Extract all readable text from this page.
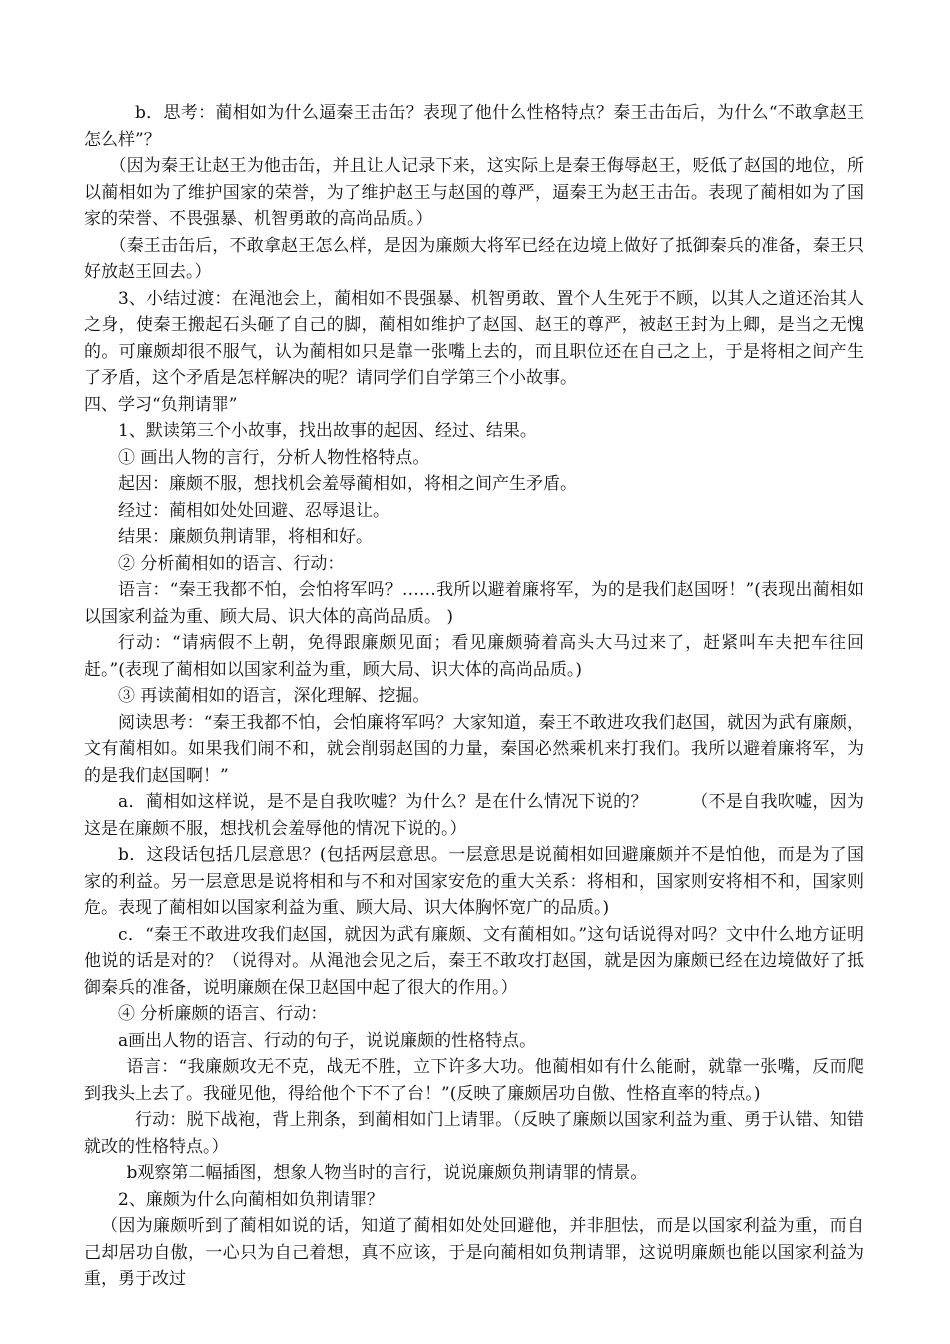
b．思考：蔺相如为什么逼秦王击缶？表现了他什么性格特点？秦王击缶后，为什么“不敢拿赵王怎么样”？

（因为秦王让赵王为他击缶，并且让人记录下来，这实际上是秦王侮辱赵王，贬低了赵国的地位，所以蔺相如为了维护国家的荣誉，为了维护赵王与赵国的尊严，逼秦王为赵王击缶。表现了蔺相如为了国家的荣誉、不畏强暴、机智勇敢的高尚品质。）

（秦王击缶后，不敢拿赵王怎么样，是因为廉颇大将军已经在边境上做好了抵御秦兵的准备，秦王只好放赵王回去。）

3、小结过渡：在渑池会上，蔺相如不畏强暴、机智勇敢、置个人生死于不顾，以其人之道还治其人之身，使秦王搬起石头砸了自己的脚，蔺相如维护了赵国、赵王的尊严，被赵王封为上卿，是当之无愧的。可廉颇却很不服气，认为蔺相如只是靠一张嘴上去的，而且职位还在自己之上，于是将相之间产生了矛盾，这个矛盾是怎样解决的呢？请同学们自学第三个小故事。

四、学习“负荆请罪”

1、默读第三个小故事，找出故事的起因、经过、结果。

① 画出人物的言行，分析人物性格特点。

起因：廉颇不服，想找机会羞辱蔺相如，将相之间产生矛盾。

经过：蔺相如处处回避、忍辱退让。

结果：廉颇负荆请罪，将相和好。

② 分析蔺相如的语言、行动：

语言：“秦王我都不怕，会怕将军吗？……我所以避着廉将军，为的是我们赵国呀！”(表现出蔺相如以国家利益为重、顾大局、识大体的高尚品质。 )

行动：“请病假不上朝，免得跟廉颇见面；看见廉颇骑着高头大马过来了，赶紧叫车夫把车往回赶。”(表现了蔺相如以国家利益为重，顾大局、识大体的高尚品质。)

③ 再读蔺相如的语言，深化理解、挖掘。

阅读思考：“秦王我都不怕，会怕廉将军吗？大家知道，秦王不敢进攻我们赵国，就因为武有廉颇，文有蔺相如。如果我们闹不和，就会削弱赵国的力量，秦国必然乘机来打我们。我所以避着廉将军，为的是我们赵国啊！”

a．蔺相如这样说，是不是自我吹嘘？为什么？是在什么情况下说的？　　　（不是自我吹嘘，因为这是在廉颇不服，想找机会羞辱他的情况下说的。）

b．这段话包括几层意思？(包括两层意思。一层意思是说蔺相如回避廉颇并不是怕他，而是为了国家的利益。另一层意思是说将相和与不和对国家安危的重大关系：将相和，国家则安将相不和，国家则危。表现了蔺相如以国家利益为重、顾大局、识大体胸怀宽广的品质。)

c．“秦王不敢进攻我们赵国，就因为武有廉颇、文有蔺相如。”这句话说得对吗？文中什么地方证明他说的话是对的？（说得对。从渑池会见之后，秦王不敢攻打赵国，就是因为廉颇已经在边境做好了抵御秦兵的准备，说明廉颇在保卫赵国中起了很大的作用。）

④ 分析廉颇的语言、行动：

a画出人物的语言、行动的句子，说说廉颇的性格特点。

语言：“我廉颇攻无不克，战无不胜，立下许多大功。他蔺相如有什么能耐，就靠一张嘴，反而爬到我头上去了。我碰见他，得给他个下不了台！”(反映了廉颇居功自傲、性格直率的特点。)

行动：脱下战袍，背上荆条，到蔺相如门上请罪。（反映了廉颇以国家利益为重、勇于认错、知错就改的性格特点。）

b观察第二幅插图，想象人物当时的言行，说说廉颇负荆请罪的情景。

2、廉颇为什么向蔺相如负荆请罪？

（因为廉颇听到了蔺相如说的话，知道了蔺相如处处回避他，并非胆怯，而是以国家利益为重，而自己却居功自傲，一心只为自己着想，真不应该，于是向蔺相如负荆请罪，这说明廉颇也能以国家利益为重，勇于改过
